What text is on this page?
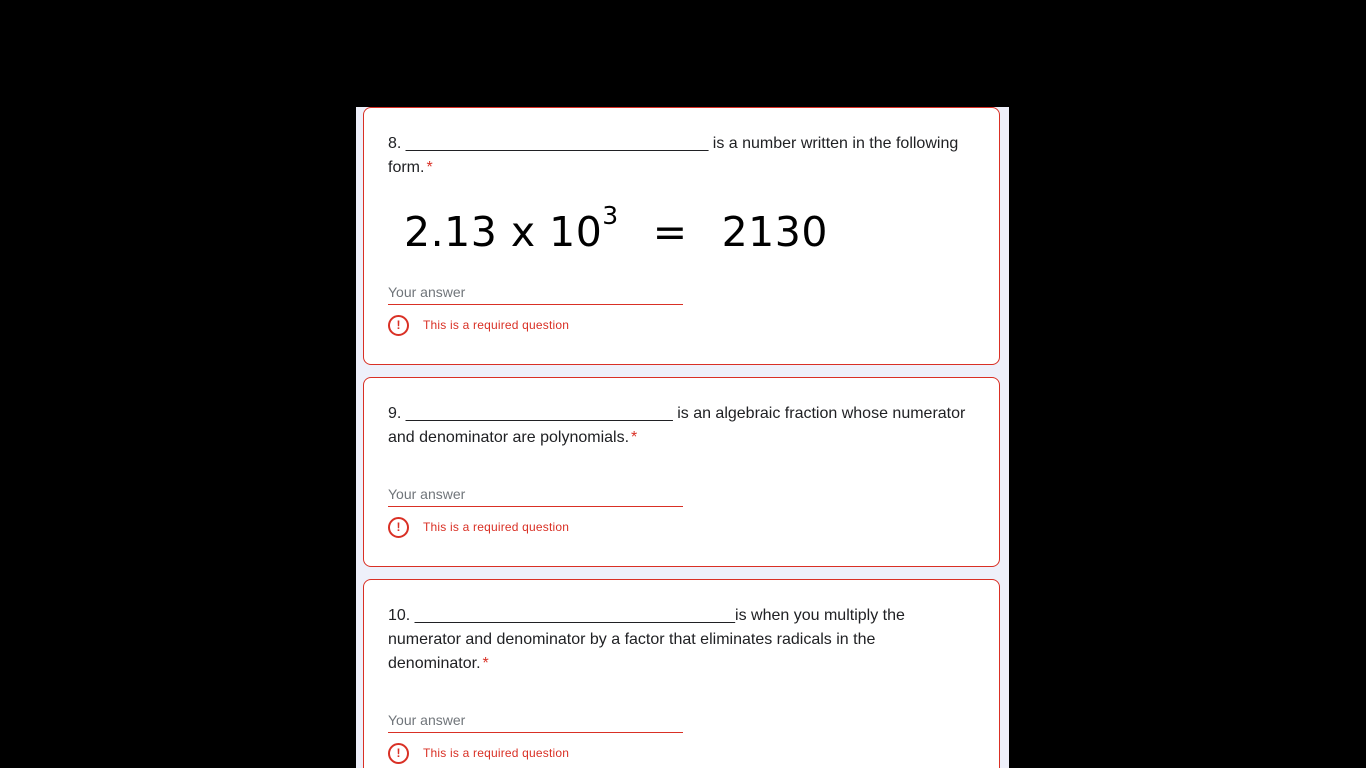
8. __________________________________ is a number written in the following form. *
2.13 x $10^3 = 2130$
Your answer
!	This is a required question
9. ______________________________ is an algebraic fraction whose numerator and denominator are polynomials. *
Your answer
!	This is a required question
10. ____________________________________is when you multiply the numerator and denominator by a factor that eliminates radicals in the denominator. *
Your answer
!	This is a required question
